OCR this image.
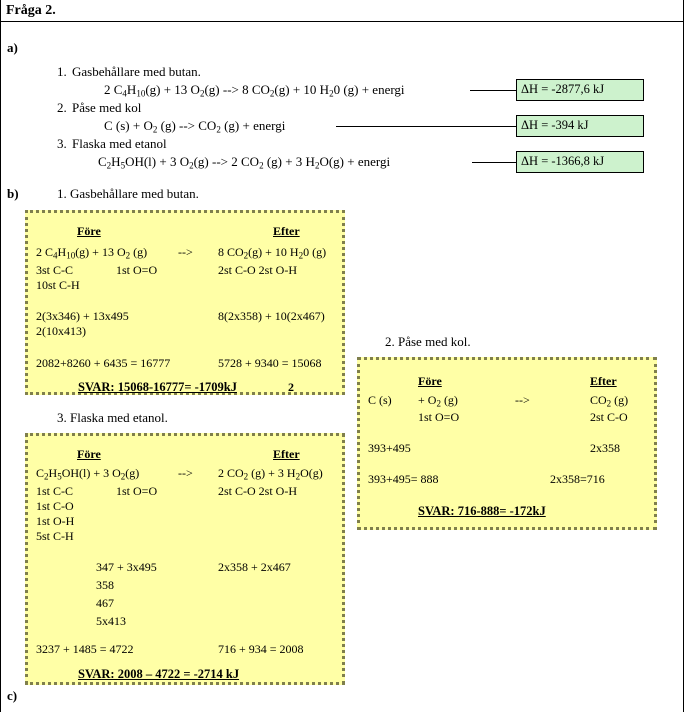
Fråga 2.
a)
1. Gasbehållare med butan.
2 $C_4H_{10}(g) + 13$ $O_2(g)$ --> 8 $CO_2(g) + 10$ $H_20$ (g) + energi	ΔH = -2877,6 kJ
2. Påse med kol
C $(s) + O_2$ (g) --> $CO_2$ (g) + energi	ΔH = -394 kJ
3. Flaska med etanol
$C_2H_5OH(l) + 3$ $O_2(g)$ --> 2 $CO_2$ (g) + 3 $H_2O(g)$ + energi	ΔH = -1366,8 kJ
b)	1. Gasbehållare med butan.
Före	Efter
2 $C_4H_{10}(g) + 13$ $O_2$ (g)	--> 8 $CO_2(g) + 10$ $H_20$ (g)
3st C-C	1st O=O	2st C-O 2st O-H
10st C-H
2(3x346) + 13x495	8(2x358) + 10(2x467)
2(10x413)
2082+8260 + 6435 = 16777	5728 + 9340 = 15068
SVAR: 15068-16777= -1709kJ	2
2. Påse med kol.
Före	Efter
C $(s) + O_2$ (g)	-->	$CO_2$ (g)
1st O=O	2st C-O
393+495	2x358
393+495= 888	2x358=716
SVAR: 716-888= -172kJ
3. Flaska med etanol.
Före	Efter
$C_2H_5OH(l) + 3$ $O_2(g)$	--> 2 $CO_2$ (g) + 3 $H_2O(g)$
1st C-C	1st O=O	2st C-O 2st O-H
1st C-O
1st O-H
5st C-H
347 + 3x495	2x358 + 2x467
358
467
5x413
3237 + 1485 = 4722	716 + 934 = 2008
SVAR: 2008 – 4722 = -2714 kJ
c)
